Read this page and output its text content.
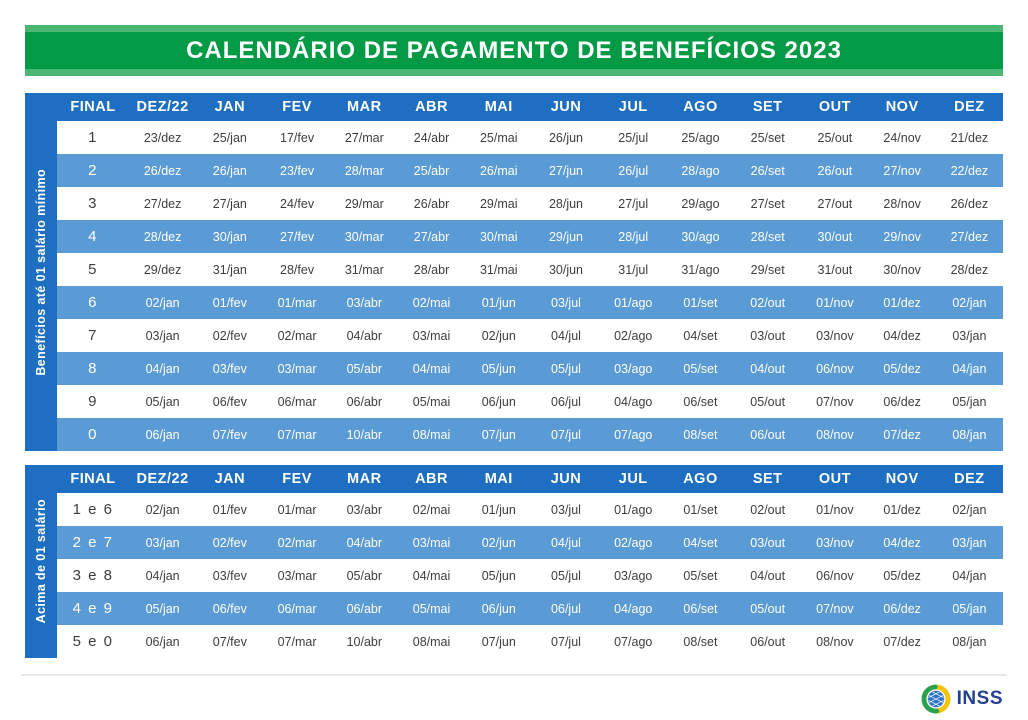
CALENDÁRIO DE PAGAMENTO DE BENEFÍCIOS 2023
Benefícios até 01 salário mínimo
FINAL	DEZ/22	JAN	FEV	MAR	ABR	MAI	JUN	JUL	AGO	SET	OUT	NOV	DEZ
1	23/dez	25/jan	17/fev	27/mar	24/abr	25/mai	26/jun	25/jul	25/ago	25/set	25/out	24/nov	21/dez
2	26/dez	26/jan	23/fev	28/mar	25/abr	26/mai	27/jun	26/jul	28/ago	26/set	26/out	27/nov	22/dez
3	27/dez	27/jan	24/fev	29/mar	26/abr	29/mai	28/jun	27/jul	29/ago	27/set	27/out	28/nov	26/dez
4	28/dez	30/jan	27/fev	30/mar	27/abr	30/mai	29/jun	28/jul	30/ago	28/set	30/out	29/nov	27/dez
5	29/dez	31/jan	28/fev	31/mar	28/abr	31/mai	30/jun	31/jul	31/ago	29/set	31/out	30/nov	28/dez
6	02/jan	01/fev	01/mar	03/abr	02/mai	01/jun	03/jul	01/ago	01/set	02/out	01/nov	01/dez	02/jan
7	03/jan	02/fev	02/mar	04/abr	03/mai	02/jun	04/jul	02/ago	04/set	03/out	03/nov	04/dez	03/jan
8	04/jan	03/fev	03/mar	05/abr	04/mai	05/jun	05/jul	03/ago	05/set	04/out	06/nov	05/dez	04/jan
9	05/jan	06/fev	06/mar	06/abr	05/mai	06/jun	06/jul	04/ago	06/set	05/out	07/nov	06/dez	05/jan
0	06/jan	07/fev	07/mar	10/abr	08/mai	07/jun	07/jul	07/ago	08/set	06/out	08/nov	07/dez	08/jan
Acima de 01 salário
FINAL	DEZ/22	JAN	FEV	MAR	ABR	MAI	JUN	JUL	AGO	SET	OUT	NOV	DEZ
1 e 6	02/jan	01/fev	01/mar	03/abr	02/mai	01/jun	03/jul	01/ago	01/set	02/out	01/nov	01/dez	02/jan
2 e 7	03/jan	02/fev	02/mar	04/abr	03/mai	02/jun	04/jul	02/ago	04/set	03/out	03/nov	04/dez	03/jan
3 e 8	04/jan	03/fev	03/mar	05/abr	04/mai	05/jun	05/jul	03/ago	05/set	04/out	06/nov	05/dez	04/jan
4 e 9	05/jan	06/fev	06/mar	06/abr	05/mai	06/jun	06/jul	04/ago	06/set	05/out	07/nov	06/dez	05/jan
5 e 0	06/jan	07/fev	07/mar	10/abr	08/mai	07/jun	07/jul	07/ago	08/set	06/out	08/nov	07/dez	08/jan
INSS
